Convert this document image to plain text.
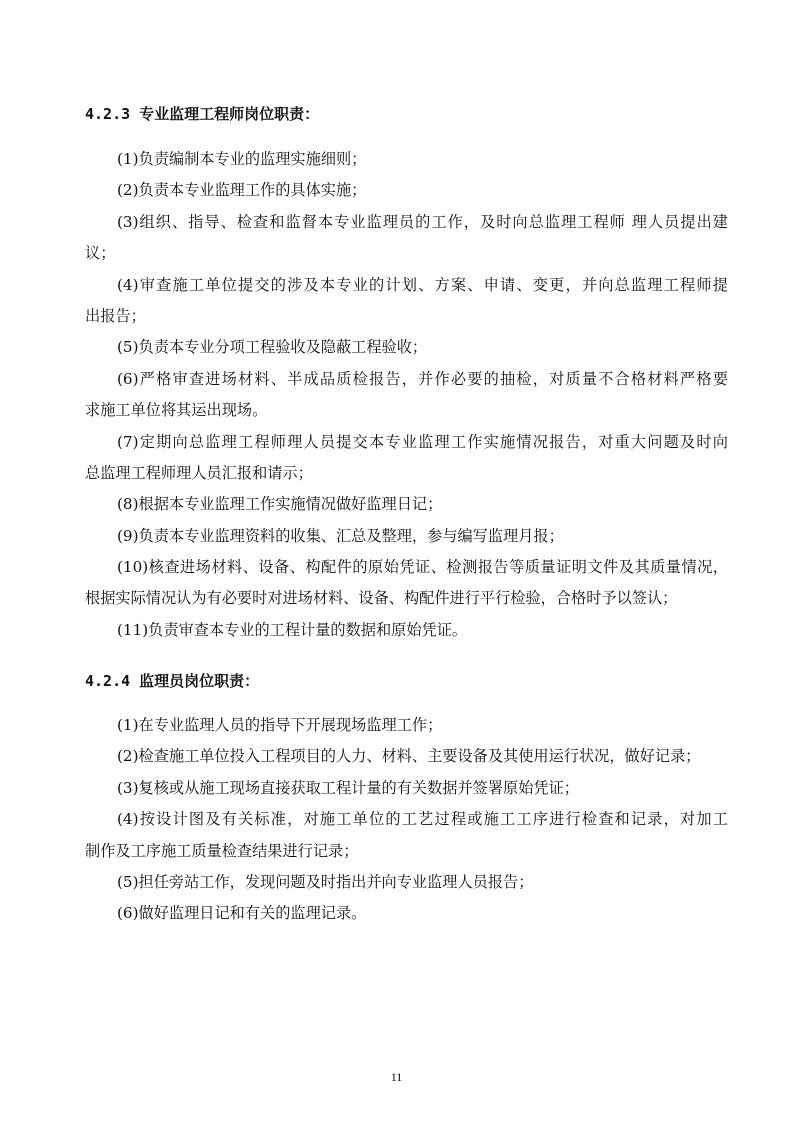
4.2.3 专业监理工程师岗位职责：
(1)负责编制本专业的监理实施细则；
(2)负责本专业监理工作的具体实施；
(3)组织、指导、检查和监督本专业监理员的工作，及时向总监理工程师 理人员提出建
议；
(4)审查施工单位提交的涉及本专业的计划、方案、申请、变更，并向总监理工程师提
出报告；
(5)负责本专业分项工程验收及隐蔽工程验收；
(6)严格审查进场材料、半成品质检报告，并作必要的抽检，对质量不合格材料严格要
求施工单位将其运出现场。
(7)定期向总监理工程师理人员提交本专业监理工作实施情况报告，对重大问题及时向
总监理工程师理人员汇报和请示；
(8)根据本专业监理工作实施情况做好监理日记；
(9)负责本专业监理资料的收集、汇总及整理，参与编写监理月报；
(10)核查进场材料、设备、构配件的原始凭证、检测报告等质量证明文件及其质量情况，
根据实际情况认为有必要时对进场材料、设备、构配件进行平行检验，合格时予以签认；
(11)负责审查本专业的工程计量的数据和原始凭证。
4.2.4 监理员岗位职责：
(1)在专业监理人员的指导下开展现场监理工作；
(2)检查施工单位投入工程项目的人力、材料、主要设备及其使用运行状况，做好记录；
(3)复核或从施工现场直接获取工程计量的有关数据并签署原始凭证；
(4)按设计图及有关标准，对施工单位的工艺过程或施工工序进行检查和记录，对加工
制作及工序施工质量检查结果进行记录；
(5)担任旁站工作，发现问题及时指出并向专业监理人员报告；
(6)做好监理日记和有关的监理记录。
11
